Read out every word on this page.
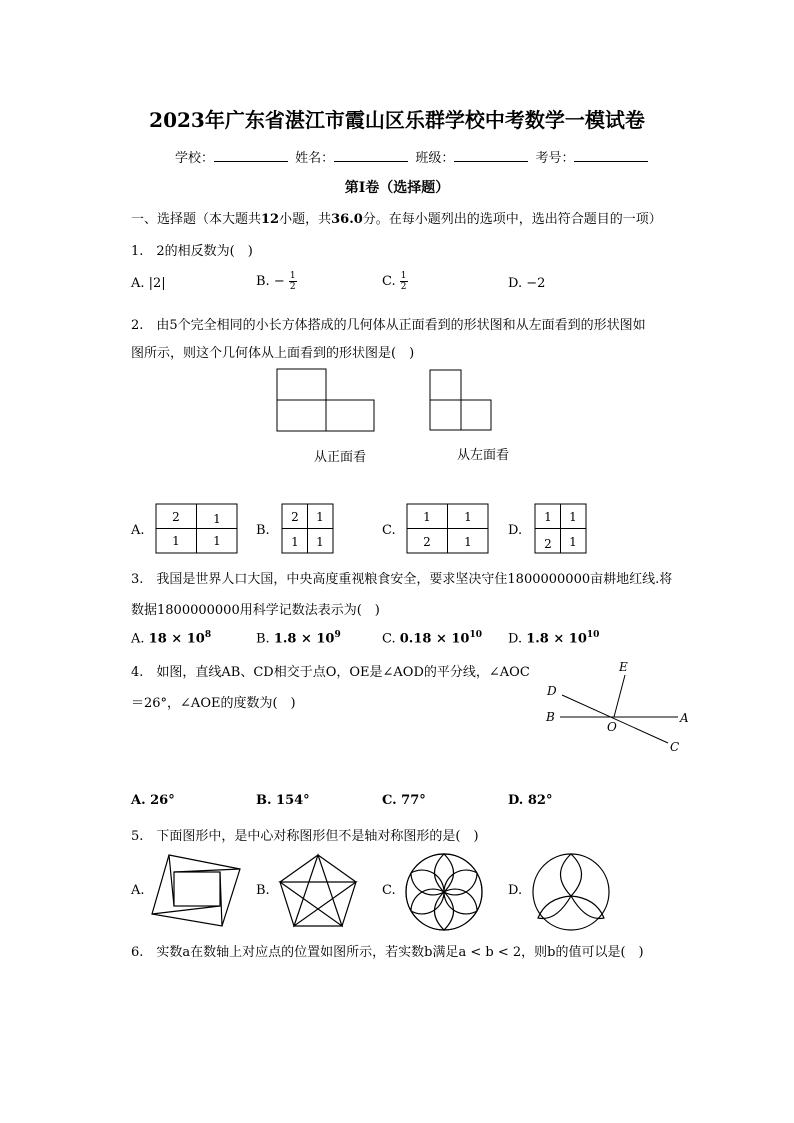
2023年广东省湛江市霞山区乐群学校中考数学一模试卷
学校：	姓名：	班级：	考号：
第Ⅰ卷（选择题）
一、选择题（本大题共12小题，共36.0分。在每小题列出的选项中，选出符合题目的一项）
1.　2的相反数为(　)
A. |2|	B. − $\frac{1}{2}$	C. $\frac{1}{2}$	D. −2
2.　由5个完全相同的小长方体搭成的几何体从正面看到的形状图和从左面看到的形状图如
图所示，则这个几何体从上面看到的形状图是(　)
从正面看	从左面看
A.
2	1
1	1
B.
2 1
1 1
C.
1	1
2	1
D.
1 1
2 1
3.　我国是世界人口大国，中央高度重视粮食安全，要求坚决守住1800000000亩耕地红线.将
数据1800000000用科学记数法表示为(　)
A. $18 \times 10^8$	B. $1.8 \times 10^9$	C. $0.18 \times 10^{10}$ D. $1.8 \times 10^{10}$
4.　如图，直线AB、CD相交于点O，OE是∠AOD的平分线，∠AOC
＝26°，∠AOE的度数为(　)
E
D
B	A
O
C
A. 26°	B. 154°	C. 77°	D. 82°
5.　下面图形中，是中心对称图形但不是轴对称图形的是(　)
A.	B.	C.	D.
6.　实数a在数轴上对应点的位置如图所示，若实数b满足a < b < 2，则b的值可以是(　)
